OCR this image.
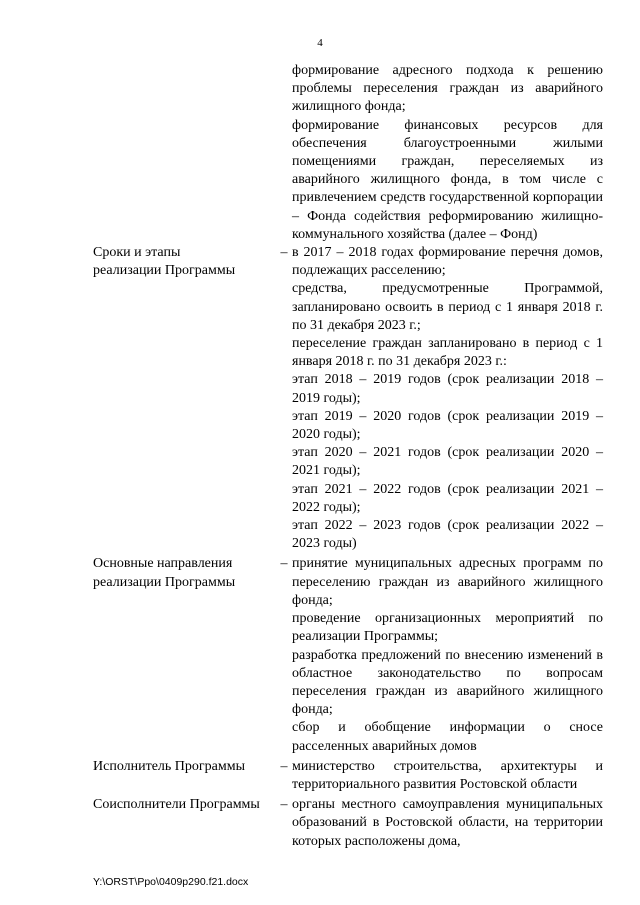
4
формирование адресного подхода к решению проблемы переселения граждан из аварийного жилищного фонда;
формирование финансовых ресурсов для обеспечения благоустроенными жилыми помещениями граждан, переселяемых из аварийного жилищного фонда, в том числе с привлечением средств государственной корпорации – Фонда содействия реформированию жилищно-коммунального хозяйства (далее – Фонд)
Сроки и этапы
реализации Программы
– в 2017 – 2018 годах формирование перечня домов, подлежащих расселению;
средства, предусмотренные Программой, запланировано освоить в период с 1 января 2018 г. по 31 декабря 2023 г.;
переселение граждан запланировано в период с 1 января 2018 г. по 31 декабря 2023 г.:
этап 2018 – 2019 годов (срок реализации 2018 – 2019 годы);
этап 2019 – 2020 годов (срок реализации 2019 – 2020 годы);
этап 2020 – 2021 годов (срок реализации 2020 – 2021 годы);
этап 2021 – 2022 годов (срок реализации 2021 – 2022 годы);
этап 2022 – 2023 годов (срок реализации 2022 – 2023 годы)
Основные направления
реализации Программы
– принятие муниципальных адресных программ по переселению граждан из аварийного жилищного фонда;
проведение организационных мероприятий по реализации Программы;
разработка предложений по внесению изменений в областное законодательство по вопросам переселения граждан из аварийного жилищного фонда;
сбор и обобщение информации о сносе расселенных аварийных домов
Исполнитель Программы	– министерство строительства, архитектуры и территориального развития Ростовской области
Соисполнители Программы	– органы местного самоуправления муниципальных образований в Ростовской области, на территории которых расположены дома,
Y:\ORST\Ppo\0409p290.f21.docx
